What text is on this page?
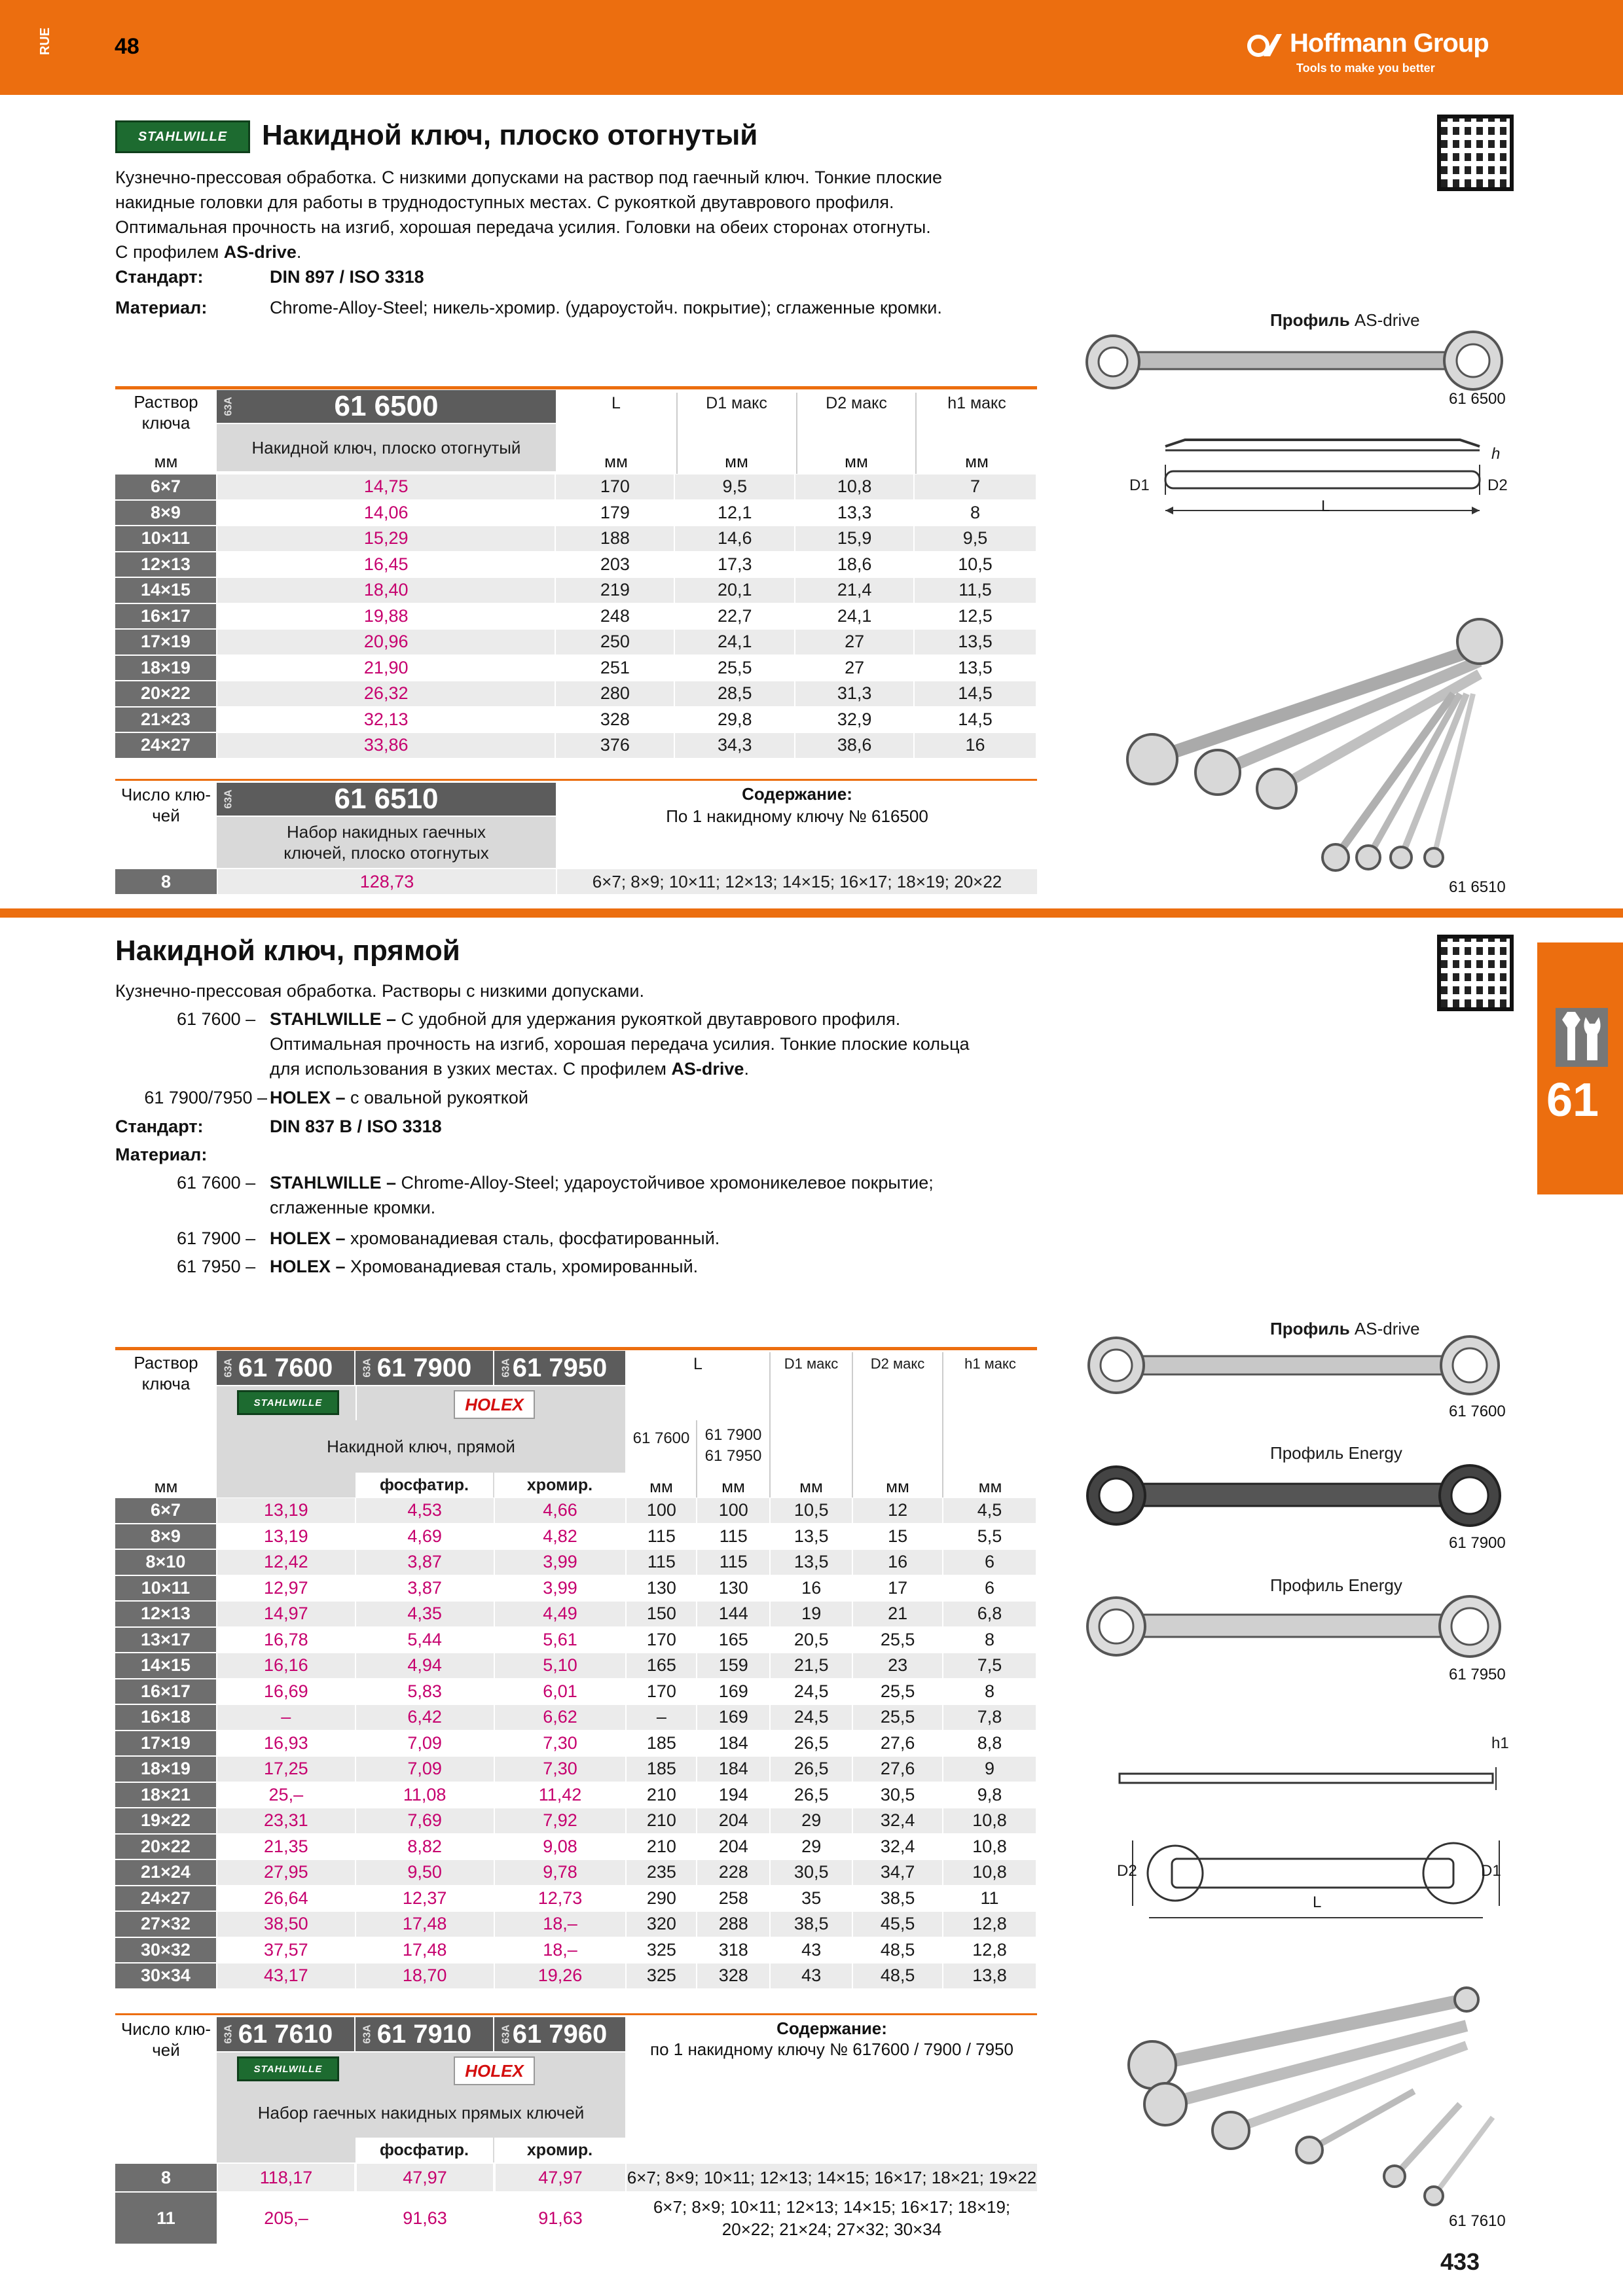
RUE	48	Hoffmann Group
Tools to make you better
STAHLWILLE	Накидной ключ, плоско отогнутый
Кузнечно-прессовая обработка. С низкими допусками на раствор под гаечный ключ. Тонкие плоские
накидные головки для работы в труднодоступных местах. С рукояткой двутаврового профиля.
Оптимальная прочность на изгиб, хорошая передача усилия. Головки на обеих сторонах отогнуты.
С профилем AS-drive.
Стандарт:	DIN 897 / ISO 3318
Материал:	Chrome-Alloy-Steel; никель-хромир. (удароустойч. покрытие); сглаженные кромки.
Профиль AS-drive
61 6500
D1	D2
L
h
61 6510
Раствор ключа
63A	61 6500
Накидной ключ, плоско отогнутый
L	D1 макс	D2 макс	h1 макс
мм	мм	мм	мм	мм
6×7	14,75	170	9,5	10,8	7
8×9	14,06	179	12,1	13,3	8
10×11	15,29	188	14,6	15,9	9,5
12×13	16,45	203	17,3	18,6	10,5
14×15	18,40	219	20,1	21,4	11,5
16×17	19,88	248	22,7	24,1	12,5
17×19	20,96	250	24,1	27	13,5
18×19	21,90	251	25,5	27	13,5
20×22	26,32	280	28,5	31,3	14,5
21×23	32,13	328	29,8	32,9	14,5
24×27	33,86	376	34,3	38,6	16
Число клю-чей
63A	61 6510
Набор накидных гаечных ключей, плоско отогнутых
Содержание:
По 1 накидному ключу № 616500
8	128,73	6×7; 8×9; 10×11; 12×13; 14×15; 16×17; 18×19; 20×22
Накидной ключ, прямой
Кузнечно-прессовая обработка. Растворы с низкими допусками.
61 7600 – STAHLWILLE – С удобной для удержания рукояткой двутаврового профиля.
Оптимальная прочность на изгиб, хорошая передача усилия. Тонкие плоские кольца
для использования в узких местах. С профилем AS-drive.
61 7900/7950 – HOLEX – с овальной рукояткой
Стандарт:	DIN 837 B / ISO 3318
Материал:
61 7600 – STAHLWILLE – Chrome-Alloy-Steel; удароустойчивое хромоникелевое покрытие;
сглаженные кромки.
61 7900 – HOLEX – хромованадиевая сталь, фосфатированный.
61 7950 – HOLEX – Хромованадиевая сталь, хромированный.
61
Профиль AS-drive
61 7600
Профиль Energy
61 7900
Профиль Energy
61 7950
h1
D2	D1
L
61 7610
Раствор ключа
63A 61 7600	63A 61 7900	63A 61 7950
STAHLWILLE	HOLEX
Накидной ключ, прямой
фосфатир.	хромир.
L	D1 макс	D2 макс	h1 макс
61 7600 61 7900
61 7950
мм	мм	мм	мм	мм	мм
6×7	13,19	4,53	4,66	100	100	10,5	12	4,5
8×9	13,19	4,69	4,82	115	115	13,5	15	5,5
8×10	12,42	3,87	3,99	115	115	13,5	16	6
10×11	12,97	3,87	3,99	130	130	16	17	6
12×13	14,97	4,35	4,49	150	144	19	21	6,8
13×17	16,78	5,44	5,61	170	165	20,5	25,5	8
14×15	16,16	4,94	5,10	165	159	21,5	23	7,5
16×17	16,69	5,83	6,01	170	169	24,5	25,5	8
16×18	–	6,42	6,62	–	169	24,5	25,5	7,8
17×19	16,93	7,09	7,30	185	184	26,5	27,6	8,8
18×19	17,25	7,09	7,30	185	184	26,5	27,6	9
18×21	25,–	11,08	11,42	210	194	26,5	30,5	9,8
19×22	23,31	7,69	7,92	210	204	29	32,4	10,8
20×22	21,35	8,82	9,08	210	204	29	32,4	10,8
21×24	27,95	9,50	9,78	235	228	30,5	34,7	10,8
24×27	26,64	12,37	12,73	290	258	35	38,5	11
27×32	38,50	17,48	18,–	320	288	38,5	45,5	12,8
30×32	37,57	17,48	18,–	325	318	43	48,5	12,8
30×34	43,17	18,70	19,26	325	328	43	48,5	13,8
Число клю-чей
63A 61 7610	63A 61 7910	63A 61 7960
STAHLWILLE	HOLEX
Набор гаечных накидных прямых ключей
фосфатир.	хромир.
Содержание:
по 1 накидному ключу № 617600 / 7900 / 7950
8	118,17	47,97	47,97	6×7; 8×9; 10×11; 12×13; 14×15; 16×17; 18×21; 19×22
11	205,–	91,63	91,63
6×7; 8×9; 10×11; 12×13; 14×15; 16×17; 18×19;
20×22; 21×24; 27×32; 30×34
433
